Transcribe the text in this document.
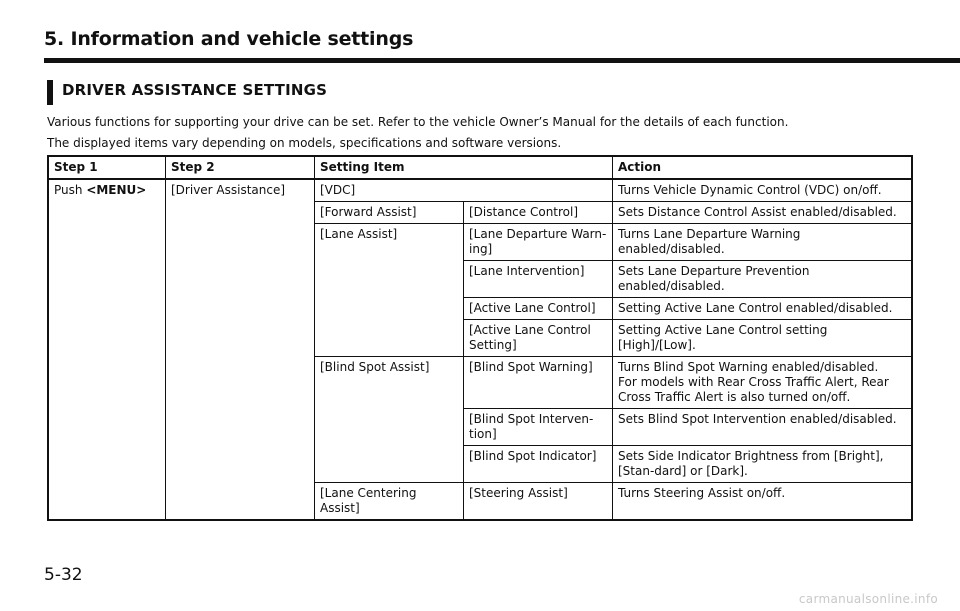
5. Information and vehicle settings
DRIVER ASSISTANCE SETTINGS
Various functions for supporting your drive can be set. Refer to the vehicle Owner’s Manual for the details of each function.
The displayed items vary depending on models, specifications and software versions.
Step 1	Step 2	Setting Item		Action
Push <MENU>	[Driver Assistance]	[VDC]		Turns Vehicle Dynamic Control (VDC) on/off.
		[Forward Assist]	[Distance Control]	Sets Distance Control Assist enabled/disabled.
		[Lane Assist]	[Lane Departure Warn-ing]	Turns Lane Departure Warning enabled/disabled.
			[Lane Intervention]	Sets Lane Departure Prevention enabled/disabled.
			[Active Lane Control]	Setting Active Lane Control enabled/disabled.
			[Active Lane Control Setting]	Setting Active Lane Control setting [High]/[Low].
		[Blind Spot Assist]	[Blind Spot Warning]	Turns Blind Spot Warning enabled/disabled.
For models with Rear Cross Traffic Alert, Rear Cross Traffic Alert is also turned on/off.

			[Blind Spot Interven-tion]	Sets Blind Spot Intervention enabled/disabled.
			[Blind Spot Indicator]	Sets Side Indicator Brightness from [Bright], [Stan-dard] or [Dark].
		[Lane Centering Assist]	[Steering Assist]	Turns Steering Assist on/off.
5-32
carmanualsonline.info
